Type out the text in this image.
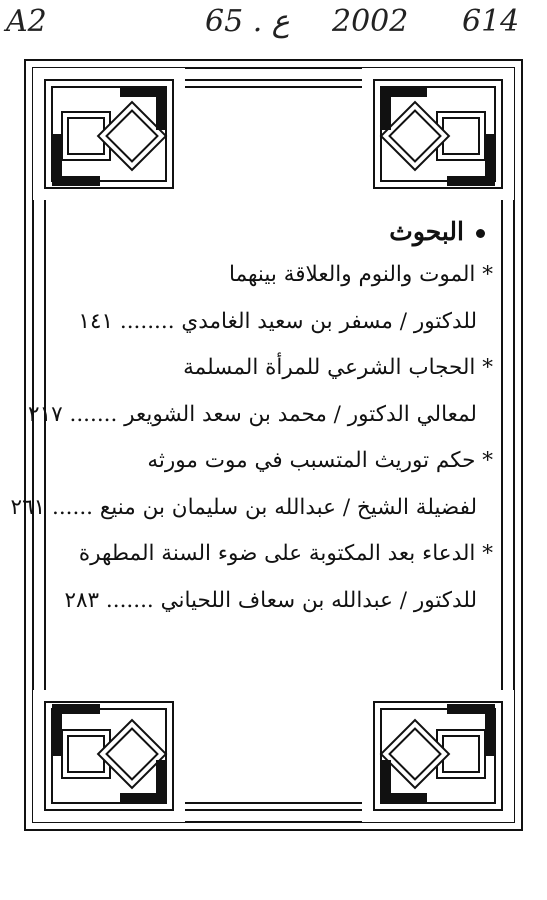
A2	65 . ع 2002 614
البحوث
* الموت والنوم والعلاقة بينهما
للدكتور / مسفر بن سعيد الغامدي ........ ١٤١
* الحجاب الشرعي للمرأة المسلمة
لمعالي الدكتور / محمد بن سعد الشويعر ....... ٢١٧
* حكم توريث المتسبب في موت مورثه
لفضيلة الشيخ / عبدالله بن سليمان بن منيع ...... ٢٦١
* الدعاء بعد المكتوبة على ضوء السنة المطهرة
للدكتور / عبدالله بن سعاف اللحياني ....... ٢٨٣
